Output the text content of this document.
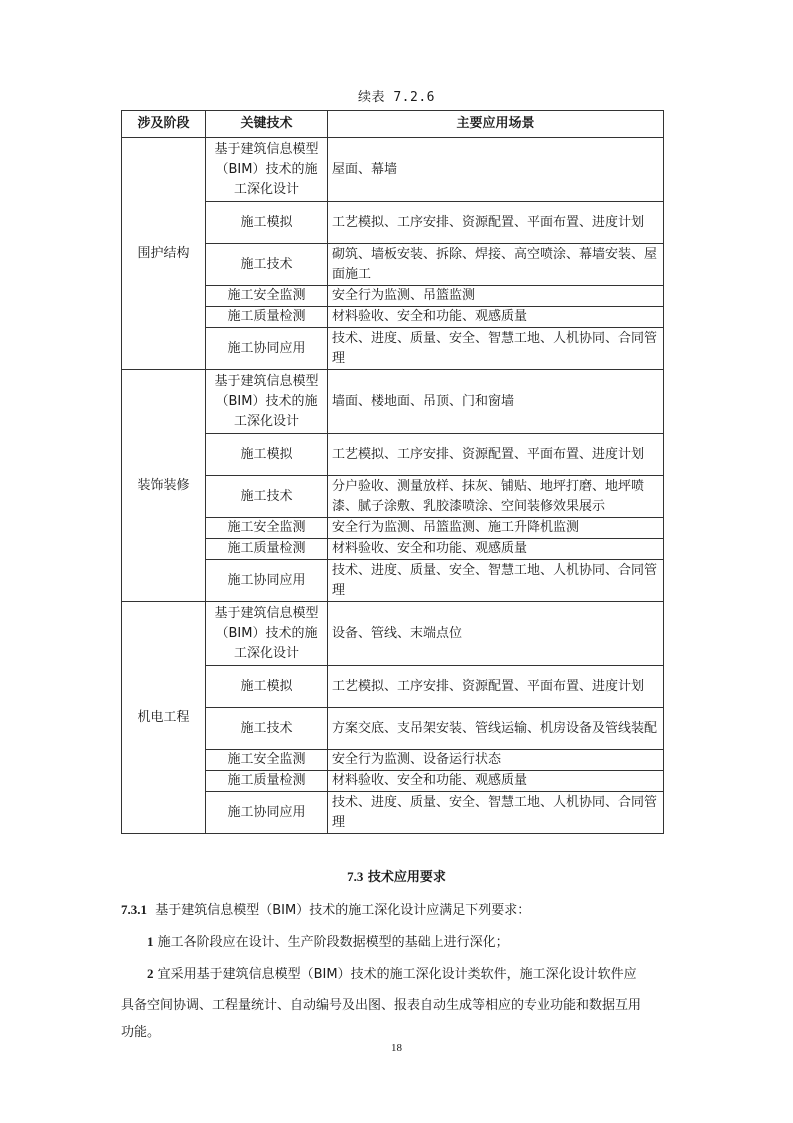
续表 7.2.6
涉及阶段	关键技术	主要应用场景
围护结构	基于建筑信息模型（BIM）技术的施工深化设计	屋面、幕墙
	施工模拟	工艺模拟、工序安排、资源配置、平面布置、进度计划
	施工技术	砌筑、墙板安装、拆除、焊接、高空喷涂、幕墙安装、屋面施工
	施工安全监测	安全行为监测、吊篮监测
	施工质量检测	材料验收、安全和功能、观感质量
	施工协同应用	技术、进度、质量、安全、智慧工地、人机协同、合同管理
装饰装修	基于建筑信息模型（BIM）技术的施工深化设计	墙面、楼地面、吊顶、门和窗墙
	施工模拟	工艺模拟、工序安排、资源配置、平面布置、进度计划
	施工技术	分户验收、测量放样、抹灰、铺贴、地坪打磨、地坪喷漆、腻子涂敷、乳胶漆喷涂、空间装修效果展示
	施工安全监测	安全行为监测、吊篮监测、施工升降机监测
	施工质量检测	材料验收、安全和功能、观感质量
	施工协同应用	技术、进度、质量、安全、智慧工地、人机协同、合同管理
机电工程	基于建筑信息模型（BIM）技术的施工深化设计	设备、管线、末端点位
	施工模拟	工艺模拟、工序安排、资源配置、平面布置、进度计划
	施工技术	方案交底、支吊架安装、管线运输、机房设备及管线装配
	施工安全监测	安全行为监测、设备运行状态
	施工质量检测	材料验收、安全和功能、观感质量
	施工协同应用	技术、进度、质量、安全、智慧工地、人机协同、合同管理
7.3 技术应用要求
7.3.1 基于建筑信息模型（BIM）技术的施工深化设计应满足下列要求：
1 施工各阶段应在设计、生产阶段数据模型的基础上进行深化；
2 宜采用基于建筑信息模型（BIM）技术的施工深化设计类软件，施工深化设计软件应
具备空间协调、工程量统计、自动编号及出图、报表自动生成等相应的专业功能和数据互用
功能。
18
